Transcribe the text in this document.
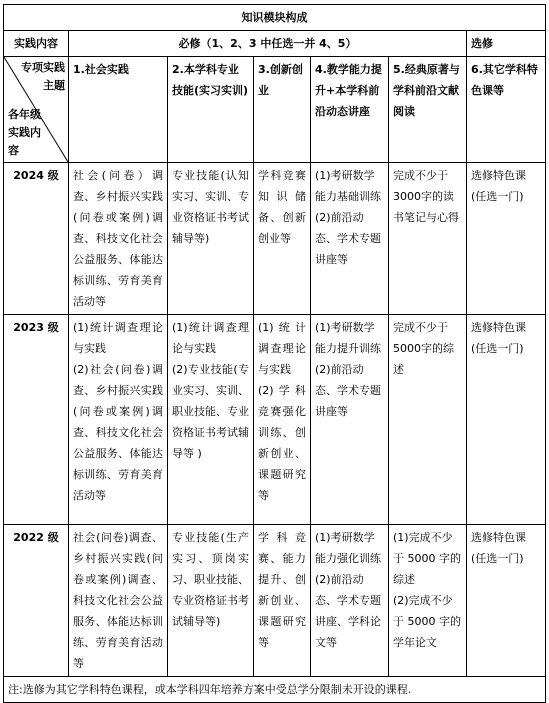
知识模块构成						
实践内容	必修（1、2、3 中任选一并 4、5）					选修

专项实践主题
各年级实践内容	1.社会实践	2.本学科专业技能(实习实训)	3.创新创业	4.教学能力提升+本学科前沿动态讲座	5.经典原著与学科前沿文献阅读	6.其它学科特色课等
2024 级	社会(问卷）调查、乡村振兴实践(问卷或案例)调查、科技文化社会公益服务、体能达标训练、劳育美育活动等	专业技能(认知实习、实训、专业资格证书考试辅导等)	学科竞赛知识储备、创新创业等	(1)考研数学能力基础训练
(2)前沿动态、学术专题讲座等	完成不少于3000字的读书笔记与心得	选修特色课(任选一门)
2023 级	(1)统计调查理论与实践
(2)社会(问卷)调查、乡村振兴实践(问卷或案例)调查、科技文化社会公益服务、体能达标训练、劳育美育活动等	(1)统计调查理论与实践
(2)专业技能(专业实习、实训、职业技能、专业资格证书考试辅导等 )	(1)统计调查理论与实践
(2)学科竞赛强化训练、创新创业、课题研究等	(1)考研数学能力提升训练
(2)前沿动态、学术专题讲座等	完成不少于5000字的综述	选修特色课(任选一门)
2022 级	社会(问卷)调查、乡村振兴实践(问卷或案例)调查、科技文化社会公益服务、体能达标训练、劳育美育活动等	专业技能(生产实习、顶岗实习、职业技能、专业资格证书考试辅导等)	学科竞赛、能力提升、创新创业、课题研究等	(1)考研数学能力强化训练
(2)前沿动态、学术专题讲座、学科论文等	(1)完成不少于 5000 字的综述
(2)完成不少于 5000 字的学年论文	选修特色课(任选一门)
注:选修为其它学科特色课程，或本学科四年培养方案中受总学分限制未开设的课程.						
